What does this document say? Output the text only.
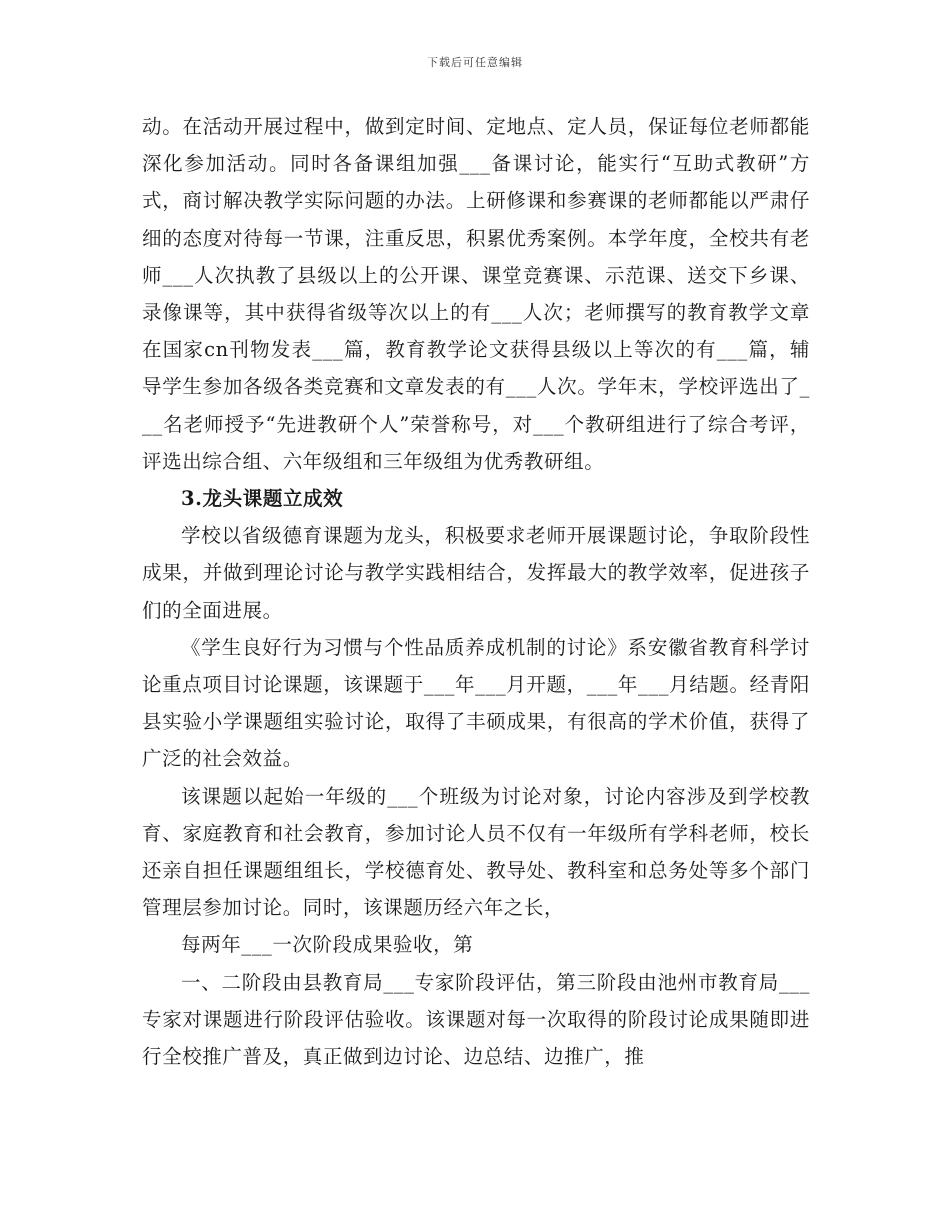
下载后可任意编辑

动。在活动开展过程中，做到定时间、定地点、定人员，保证每位老师都能深化参加活动。同时各备课组加强___备课讨论，能实行“互助式教研”方式，商讨解决教学实际问题的办法。上研修课和参赛课的老师都能以严肃仔细的态度对待每一节课，注重反思，积累优秀案例。本学年度，全校共有老师___人次执教了县级以上的公开课、课堂竞赛课、示范课、送交下乡课、录像课等，其中获得省级等次以上的有___人次；老师撰写的教育教学文章在国家cn刊物发表___篇，教育教学论文获得县级以上等次的有___篇，辅导学生参加各级各类竞赛和文章发表的有___人次。学年末，学校评选出了___名老师授予“先进教研个人”荣誉称号，对___个教研组进行了综合考评，评选出综合组、六年级组和三年级组为优秀教研组。

3.龙头课题立成效

学校以省级德育课题为龙头，积极要求老师开展课题讨论，争取阶段性成果，并做到理论讨论与教学实践相结合，发挥最大的教学效率，促进孩子们的全面进展。

《学生良好行为习惯与个性品质养成机制的讨论》系安徽省教育科学讨论重点项目讨论课题，该课题于___年___月开题，___年___月结题。经青阳县实验小学课题组实验讨论，取得了丰硕成果，有很高的学术价值，获得了广泛的社会效益。

该课题以起始一年级的___个班级为讨论对象，讨论内容涉及到学校教育、家庭教育和社会教育，参加讨论人员不仅有一年级所有学科老师，校长还亲自担任课题组组长，学校德育处、教导处、教科室和总务处等多个部门管理层参加讨论。同时，该课题历经六年之长，

每两年___一次阶段成果验收，第

一、二阶段由县教育局___专家阶段评估，第三阶段由池州市教育局___专家对课题进行阶段评估验收。该课题对每一次取得的阶段讨论成果随即进行全校推广普及，真正做到边讨论、边总结、边推广，推
